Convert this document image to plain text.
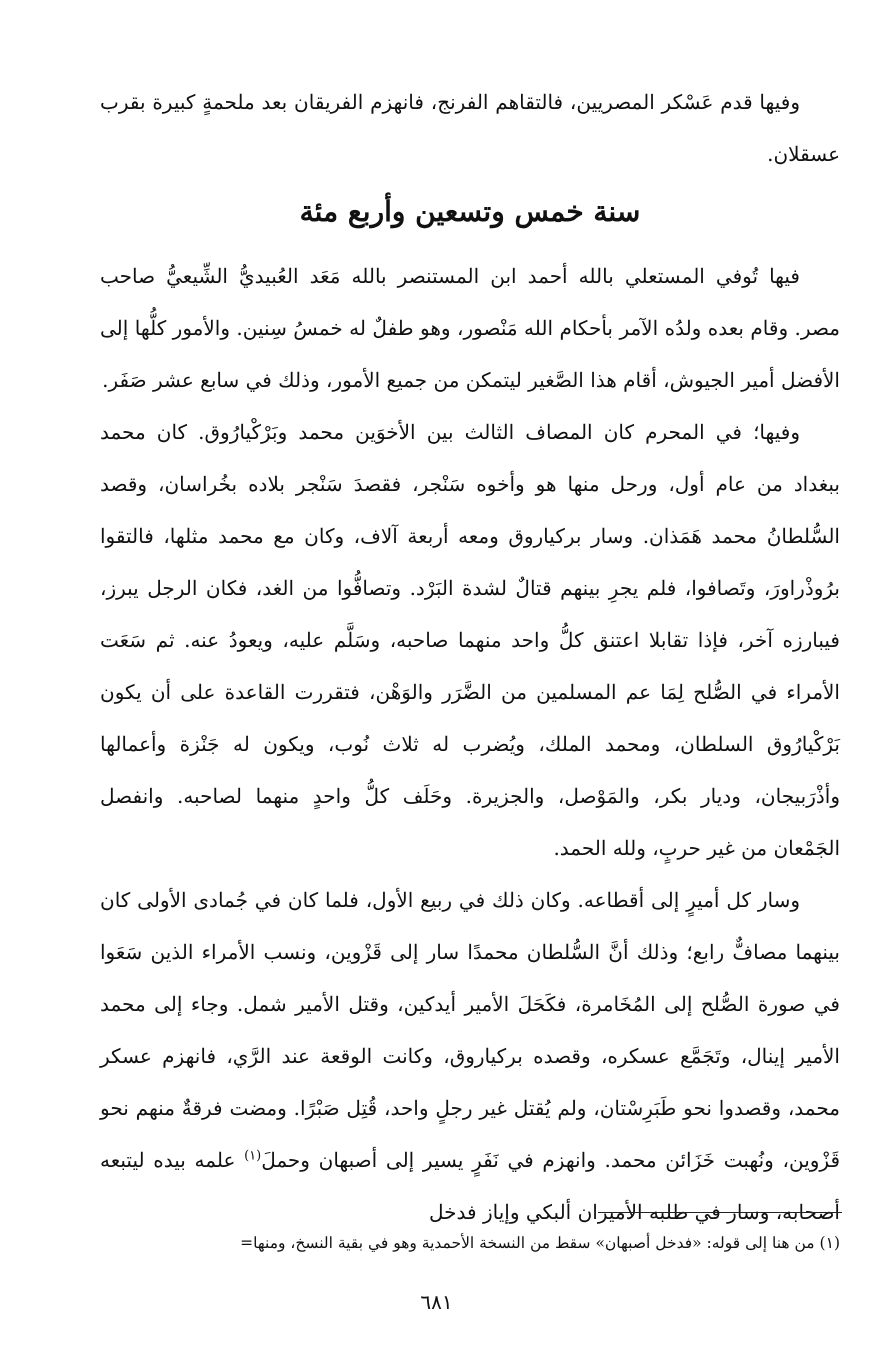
وفيها قدم عَسْكر المصريين، فالتقاهم الفرنج، فانهزم الفريقان بعد ملحمةٍ كبيرة بقرب عسقلان.

سنة خمس وتسعين وأربع مئة

فيها تُوفي المستعلي بالله أحمد ابن المستنصر بالله مَعَد العُبيديُّ الشِّيعيُّ صاحب مصر. وقام بعده ولدُه الآمر بأحكام الله مَنْصور، وهو طفلٌ له خمسُ سِنين. والأمور كلُّها إلى الأفضل أمير الجيوش، أقام هذا الصَّغير ليتمكن من جميع الأمور، وذلك في سابع عشر صَفَر.

وفيها؛ في المحرم كان المصاف الثالث بين الأخوَين محمد وبَرْكْيارُوق. كان محمد ببغداد من عام أول، ورحل منها هو وأخوه سَنْجر، فقصدَ سَنْجر بلاده بخُراسان، وقصد السُّلطانُ محمد هَمَذان. وسار بركياروق ومعه أربعة آلاف، وكان مع محمد مثلها، فالتقوا برُوذْراورَ، وتَصافوا، فلم يجرِ بينهم قتالٌ لشدة البَرْد. وتصافُّوا من الغد، فكان الرجل يبرز، فيبارزه آخر، فإذا تقابلا اعتنق كلُّ واحد منهما صاحبه، وسَلَّم عليه، ويعودُ عنه. ثم سَعَت الأمراء في الصُّلح لِمَا عم المسلمين من الضَّرَر والوَهْن، فتقررت القاعدة على أن يكون بَرْكْيارُوق السلطان، ومحمد الملك، ويُضرب له ثلاث نُوب، ويكون له جَنْزة وأعمالها وأذْرَبيجان، وديار بكر، والمَوْصل، والجزيرة. وحَلَف كلُّ واحدٍ منهما لصاحبه. وانفصل الجَمْعان من غير حربٍ، ولله الحمد.

وسار كل أميرٍ إلى أقطاعه. وكان ذلك في ربيع الأول، فلما كان في جُمادى الأولى كان بينهما مصافٌّ رابع؛ وذلك أنَّ السُّلطان محمدًا سار إلى قَزْوين، ونسب الأمراء الذين سَعَوا في صورة الصُّلح إلى المُخَامرة، فكَحَلَ الأمير أيدكين، وقتل الأمير شمل. وجاء إلى محمد الأمير إينال، وتَجَمَّع عسكره، وقصده بركياروق، وكانت الوقعة عند الرَّي، فانهزم عسكر محمد، وقصدوا نحو طَبَرِسْتان، ولم يُقتل غير رجلٍ واحد، قُتِل صَبْرًا. ومضت فرقةٌ منهم نحو قَزْوين، ونُهبت خَزَائن محمد. وانهزم في نَفَرٍ يسير إلى أصبهان وحملَ$^{(١)}$ علمه بيده ليتبعه أصحابه، وسار في طلبه الأميران ألبكي وإياز فدخل

(١) من هنا إلى قوله: «فدخل أصبهان» سقط من النسخة الأحمدية وهو في بقية النسخ، ومنها=
٦٨١
